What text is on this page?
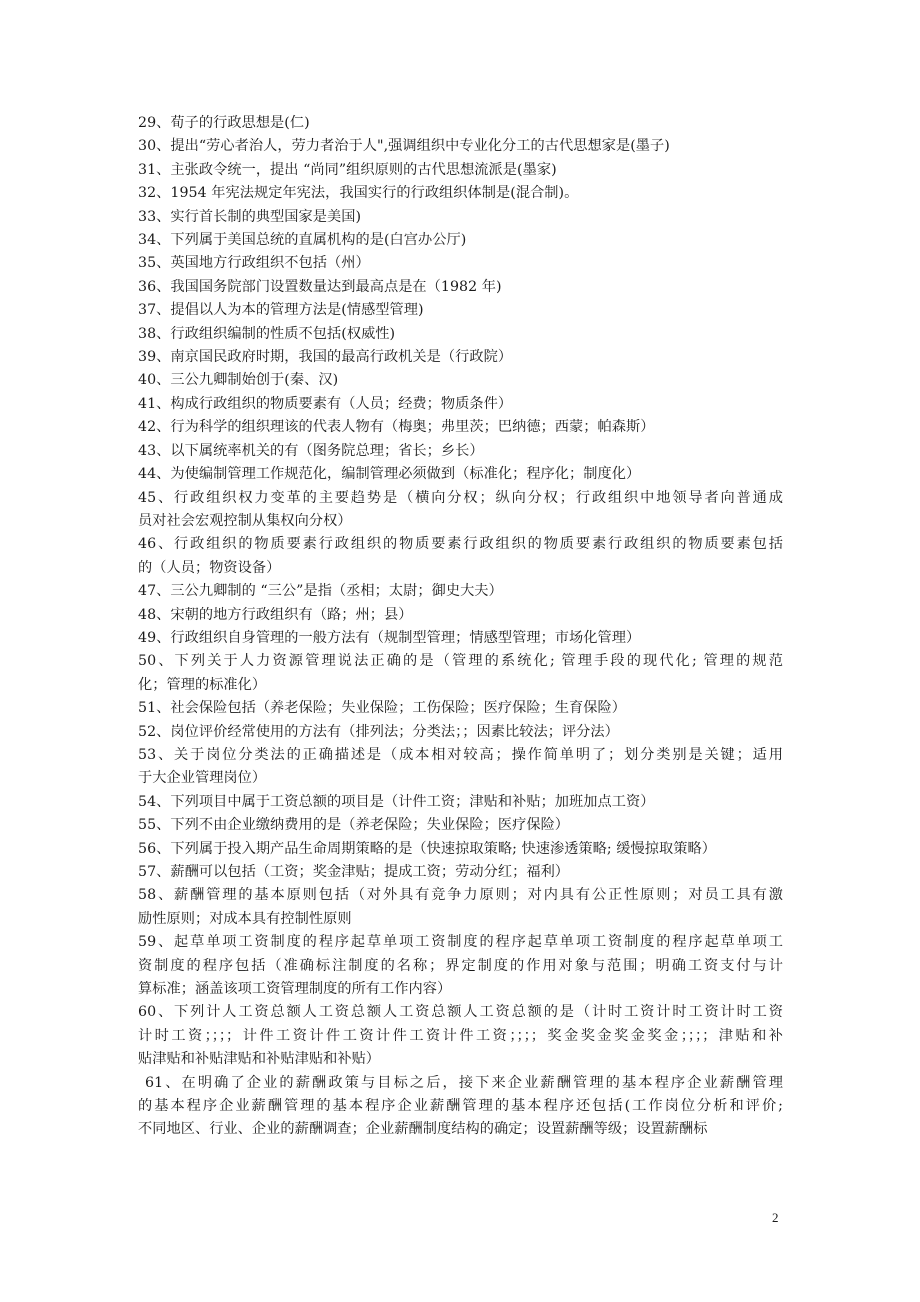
29、荀子的行政思想是(仁)
30、提出“劳心者治人，劳力者治于人",强调组织中专业化分工的古代思想家是(墨子)
31、主张政令统一，提出 “尚同”组织原则的古代思想流派是(墨家)
32、1954 年宪法规定年宪法，我国实行的行政组织体制是(混合制)。
33、实行首长制的典型国家是美国)
34、下列属于美国总统的直属机构的是(白宫办公厅)
35、英国地方行政组织不包括（州）
36、我国国务院部门设置数量达到最高点是在（1982 年)
37、提倡以人为本的管理方法是(情感型管理)
38、行政组织编制的性质不包括(权威性)
39、南京国民政府时期，我国的最高行政机关是（行政院）
40、三公九卿制始创于(秦、汉)
41、构成行政组织的物质要素有（人员；经费；物质条件）
42、行为科学的组织理该的代表人物有（梅奥；弗里茨；巴纳德；西蒙；帕森斯）
43、以下属统率机关的有（图务院总理；省长；乡长）
44、为使编制管理工作规范化，编制管理必须做到（标准化；程序化；制度化）
45、行政组织权力变革的主要趋势是（横向分权；纵向分权；行政组织中地领导者向普通成
员对社会宏观控制从集权向分权）
46、行政组织的物质要素行政组织的物质要素行政组织的物质要素行政组织的物质要素包括
的（人员；物资设备）
47、三公九卿制的 “三公”是指（丞相；太尉；御史大夫）
48、宋朝的地方行政组织有（路；州；县）
49、行政组织自身管理的一般方法有（规制型管理；情感型管理；市场化管理）
50、下列关于人力资源管理说法正确的是（管理的系统化; 管理手段的现代化; 管理的规范
化；管理的标准化）
51、社会保险包括（养老保险；失业保险；工伤保险；医疗保险；生育保险）
52、岗位评价经常使用的方法有（排列法；分类法；；因素比较法；评分法）
53、关于岗位分类法的正确描述是（成本相对较高；操作简单明了；划分类别是关键；适用
于大企业管理岗位）
54、下列项目中属于工资总额的项目是（计件工资；津贴和补贴；加班加点工资）
55、下列不由企业缴纳费用的是（养老保险；失业保险；医疗保险）
56、下列属于投入期产品生命周期策略的是（快速掠取策略; 快速渗透策略; 缓慢掠取策略）
57、薪酬可以包括（工资；奖金津贴；提成工资；劳动分红；福利）
58、薪酬管理的基本原则包括（对外具有竞争力原则；对内具有公正性原则；对员工具有激
励性原则；对成本具有控制性原则
59、起草单项工资制度的程序起草单项工资制度的程序起草单项工资制度的程序起草单项工
资制度的程序包括（准确标注制度的名称；界定制度的作用对象与范围；明确工资支付与计
算标准；涵盖该项工资管理制度的所有工作内容）
60、下列计人工资总额人工资总额人工资总额人工资总额的是（计时工资计时工资计时工资
计时工资；；；；计件工资计件工资计件工资计件工资；；；；奖金奖金奖金奖金；；；；津贴和补
贴津贴和补贴津贴和补贴津贴和补贴）
61、在明确了企业的薪酬政策与目标之后，接下来企业薪酬管理的基本程序企业薪酬管理
的基本程序企业薪酬管理的基本程序企业薪酬管理的基本程序还包括(工作岗位分析和评价;
不同地区、行业、企业的薪酬调查；企业薪酬制度结构的确定；设置薪酬等级；设置薪酬标
2
